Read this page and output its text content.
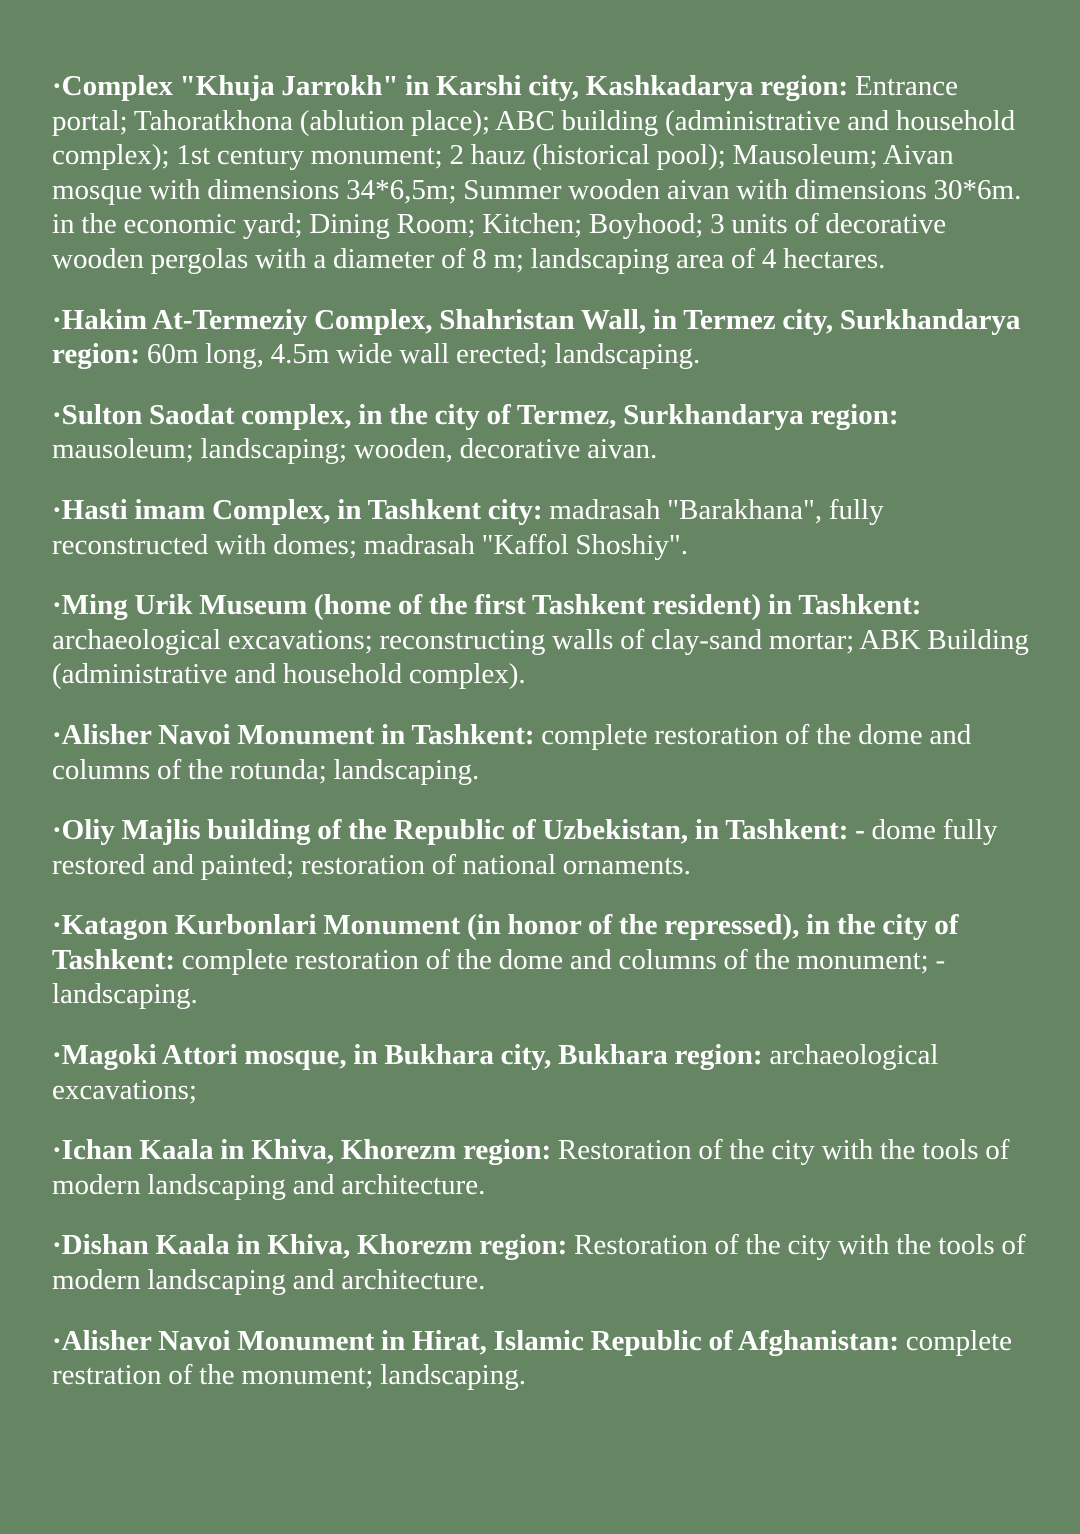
·Complex "Khuja Jarrokh" in Karshi city, Kashkadarya region: Entrance portal; Tahoratkhona (ablution place); ABC building (administrative and household complex); 1st century monument; 2 hauz (historical pool); Mausoleum; Aivan mosque with dimensions 34*6,5m; Summer wooden aivan with dimensions 30*6m. in the economic yard; Dining Room; Kitchen; Boyhood; 3 units of decorative wooden pergolas with a diameter of 8 m; landscaping area of 4 hectares.

·Hakim At-Termeziy Complex, Shahristan Wall, in Termez city, Surkhandarya region: 60m long, 4.5m wide wall erected; landscaping.

·Sulton Saodat complex, in the city of Termez, Surkhandarya region: mausoleum; landscaping; wooden, decorative aivan.

·Hasti imam Complex, in Tashkent city: madrasah "Barakhana", fully reconstructed with domes; madrasah "Kaffol Shoshiy".

·Ming Urik Museum (home of the first Tashkent resident) in Tashkent: archaeological excavations; reconstructing walls of clay-sand mortar; ABK Building (administrative and household complex).

·Alisher Navoi Monument in Tashkent: complete restoration of the dome and columns of the rotunda; landscaping.

·Oliy Majlis building of the Republic of Uzbekistan, in Tashkent: - dome fully restored and painted; restoration of national ornaments.

·Katagon Kurbonlari Monument (in honor of the repressed), in the city of Tashkent: complete restoration of the dome and columns of the monument; - landscaping.

·Magoki Attori mosque, in Bukhara city, Bukhara region: archaeological excavations;

·Ichan Kaala in Khiva, Khorezm region: Restoration of the city with the tools of modern landscaping and architecture.

·Dishan Kaala in Khiva, Khorezm region: Restoration of the city with the tools of modern landscaping and architecture.

·Alisher Navoi Monument in Hirat, Islamic Republic of Afghanistan: complete restration of the monument; landscaping.
